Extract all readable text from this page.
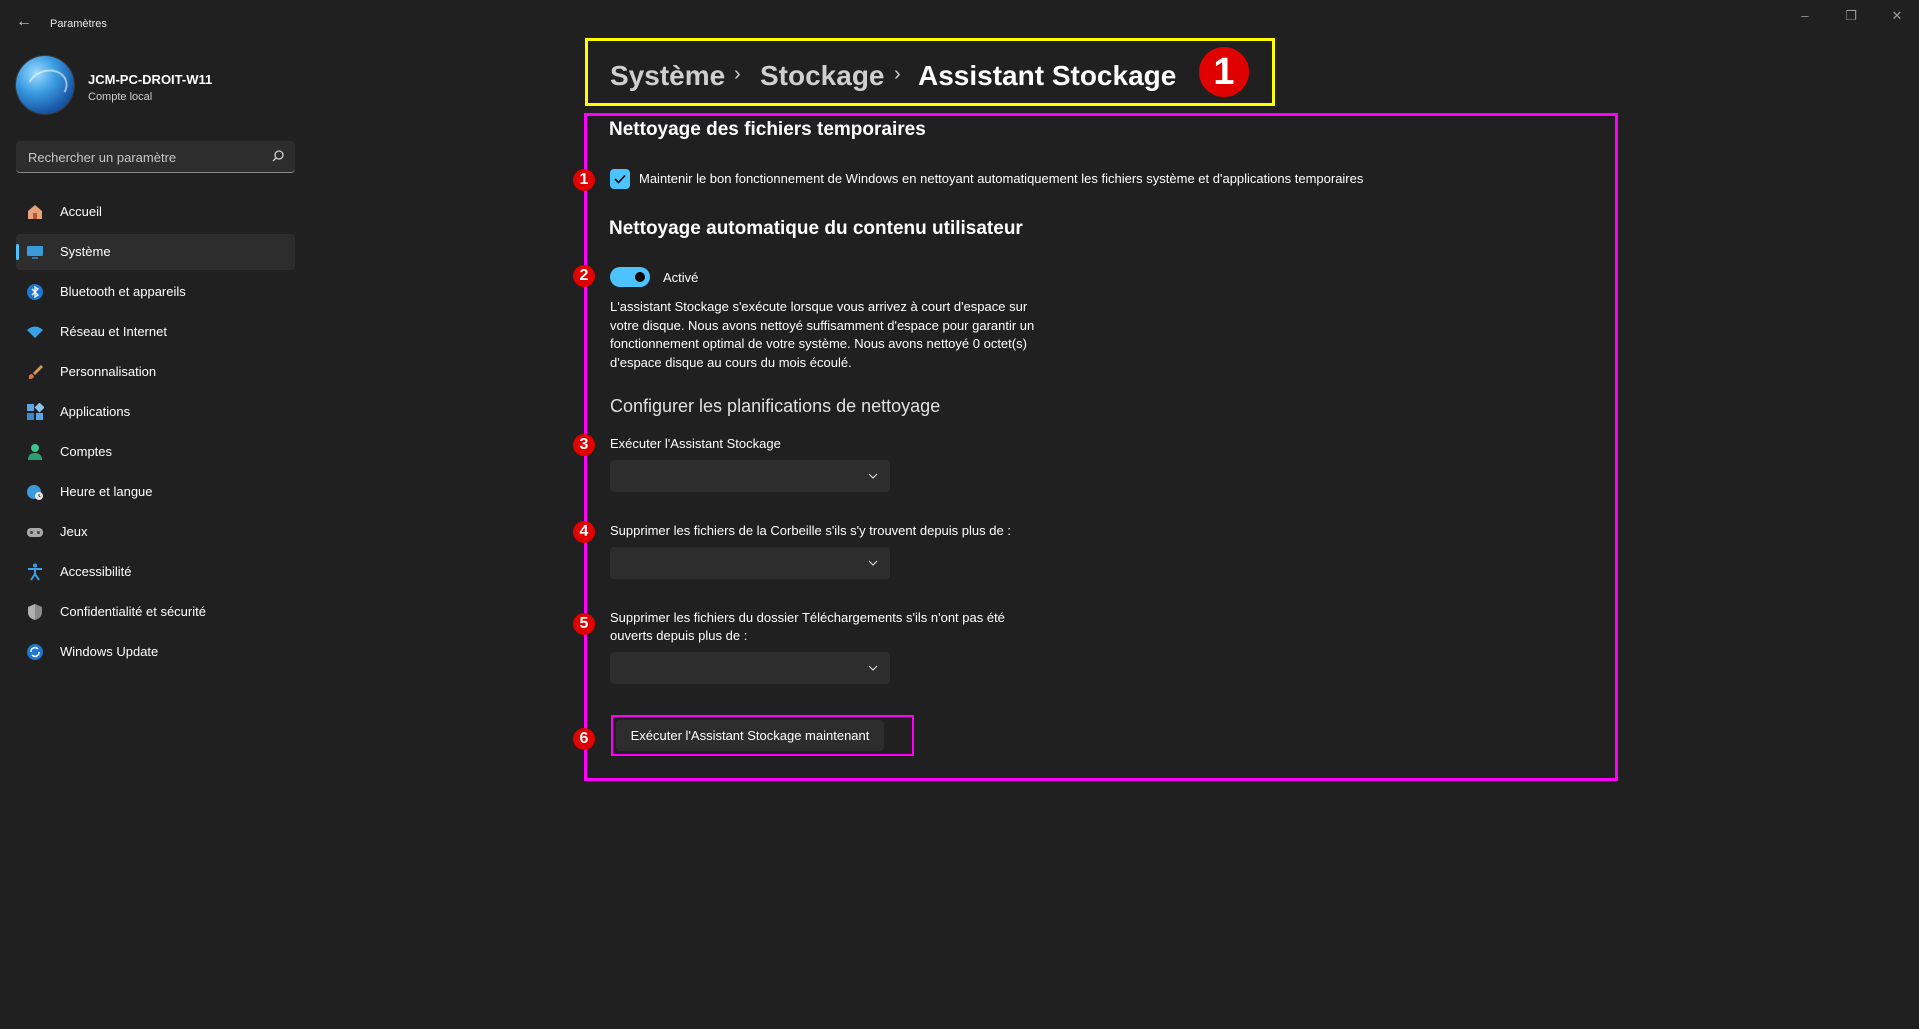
← Paramètres
–	❐	✕
JCM-PC-DROIT-W11
Compte local
Rechercher un paramètre
Accueil
Système
Bluetooth et appareils
Réseau et Internet
Personnalisation
Applications
Comptes
Heure et langue
Jeux
Accessibilité
Confidentialité et sécurité
Windows Update
Système › Stockage › Assistant Stockage 1
Nettoyage des fichiers temporaires
1	Maintenir le bon fonctionnement de Windows en nettoyant automatiquement les fichiers système et d'applications temporaires
Nettoyage automatique du contenu utilisateur
2	Activé
L'assistant Stockage s'exécute lorsque vous arrivez à court d'espace sur votre disque. Nous avons nettoyé suffisamment d'espace pour garantir un fonctionnement optimal de votre système. Nous avons nettoyé 0 octet(s) d'espace disque au cours du mois écoulé.
Configurer les planifications de nettoyage
3	Exécuter l'Assistant Stockage
4	Supprimer les fichiers de la Corbeille s'ils s'y trouvent depuis plus de :
5	Supprimer les fichiers du dossier Téléchargements s'ils n'ont pas été
ouverts depuis plus de :
6	Exécuter l'Assistant Stockage maintenant
